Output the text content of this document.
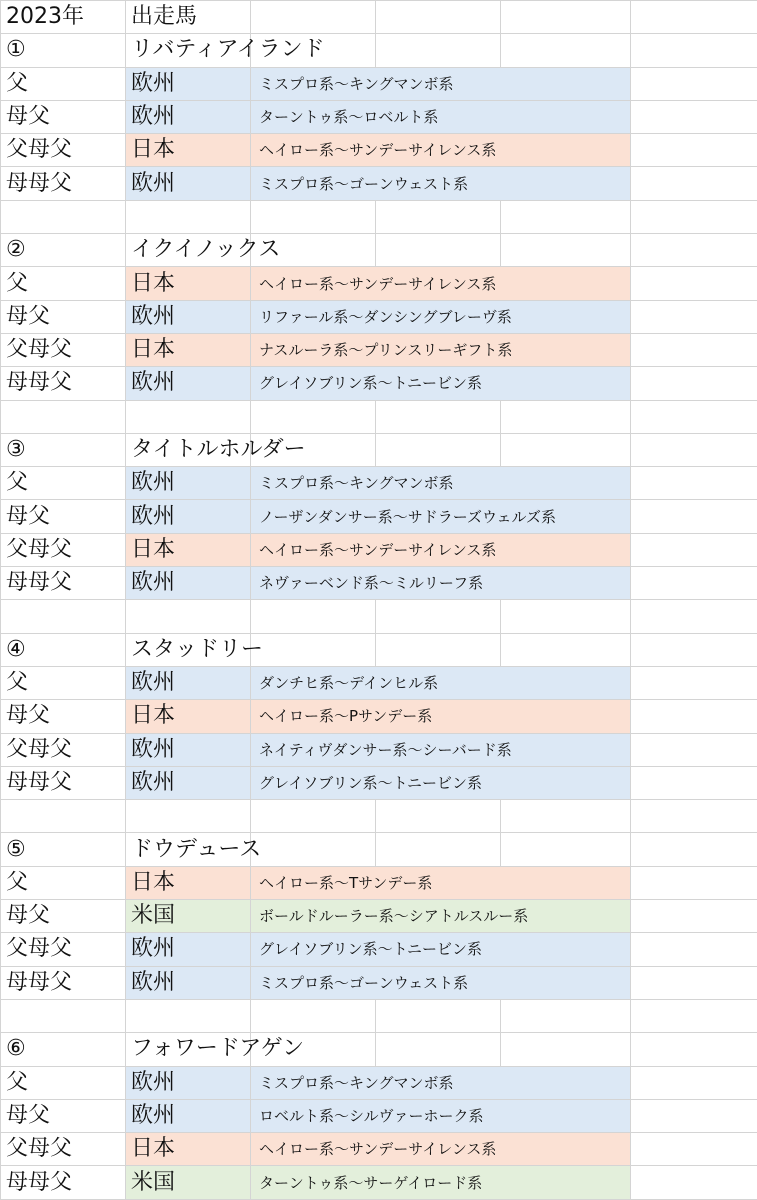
2023年	出走馬				
①	リバティアイランド				
父	欧州	ミスプロ系〜キングマンボ系			
母父	欧州	ターントゥ系〜ロベルト系			
父母父	日本	ヘイロー系〜サンデーサイレンス系			
母母父	欧州	ミスプロ系〜ゴーンウェスト系			

②	イクイノックス				
父	日本	ヘイロー系〜サンデーサイレンス系			
母父	欧州	リファール系〜ダンシングブレーヴ系			
父母父	日本	ナスルーラ系〜プリンスリーギフト系			
母母父	欧州	グレイソブリン系〜トニービン系			

③	タイトルホルダー				
父	欧州	ミスプロ系〜キングマンボ系			
母父	欧州	ノーザンダンサー系〜サドラーズウェルズ系			
父母父	日本	ヘイロー系〜サンデーサイレンス系			
母母父	欧州	ネヴァーベンド系〜ミルリーフ系			

④	スタッドリー				
父	欧州	ダンチヒ系〜デインヒル系			
母父	日本	ヘイロー系〜Pサンデー系			
父母父	欧州	ネイティヴダンサー系〜シーバード系			
母母父	欧州	グレイソブリン系〜トニービン系			

⑤	ドウデュース				
父	日本	ヘイロー系〜Tサンデー系			
母父	米国	ボールドルーラー系〜シアトルスルー系			
父母父	欧州	グレイソブリン系〜トニービン系			
母母父	欧州	ミスプロ系〜ゴーンウェスト系			

⑥	フォワードアゲン				
父	欧州	ミスプロ系〜キングマンボ系			
母父	欧州	ロベルト系〜シルヴァーホーク系			
父母父	日本	ヘイロー系〜サンデーサイレンス系			
母母父	米国	ターントゥ系〜サーゲイロード系			
